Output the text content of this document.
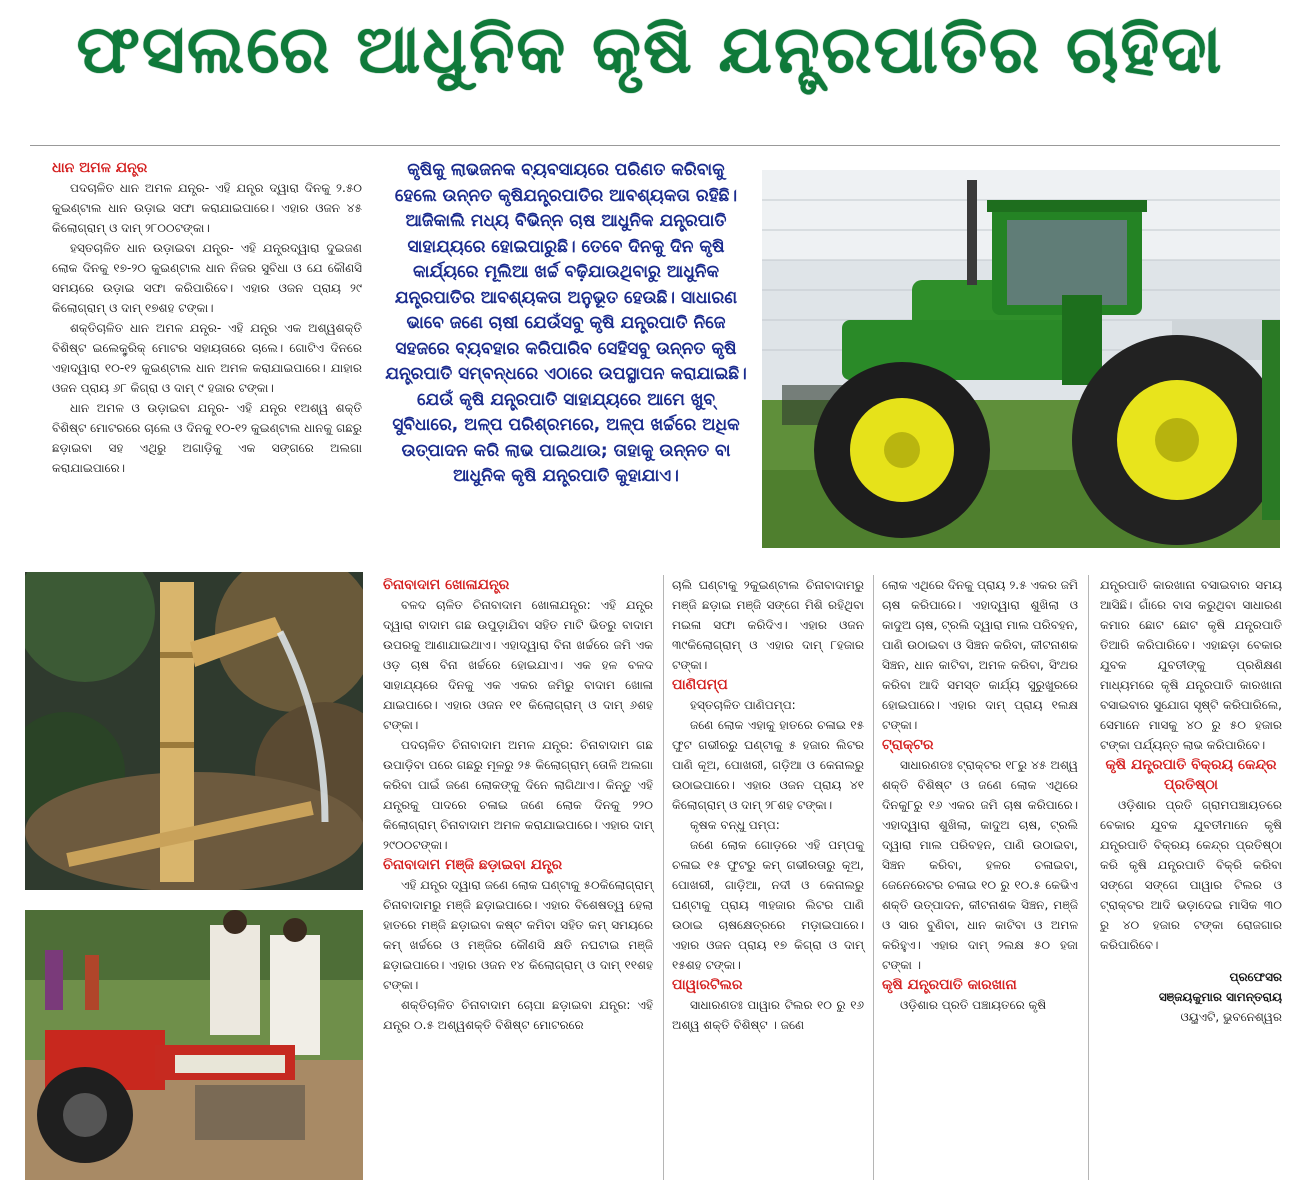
ଫସଲରେ ଆଧୁନିକ କୃଷି ଯନ୍ତ୍ରପାତିର ଚାହିଦା
ଧାନ ଅମଳ ଯନ୍ତ୍ର
ପଦଚାଳିତ ଧାନ ଅମଳ ଯନ୍ତ୍ର- ଏହି ଯନ୍ତ୍ର ଦ୍ୱାରା ଦିନକୁ ୨.୫୦ କୁଇଣ୍ଟାଲ ଧାନ ଉଡ଼ାଇ ସଫା କରାଯାଇପାରେ। ଏହାର ଓଜନ ୪୫ କିଲୋଗ୍ରାମ୍ ଓ ଦାମ୍ ୨୮୦୦ଟଙ୍କା।
ହସ୍ତଚାଳିତ ଧାନ ଉଡ଼ାଇବା ଯନ୍ତ୍ର- ଏହି ଯନ୍ତ୍ରଦ୍ୱାରା ଦୁଇଜଣ ଲୋକ ଦିନକୁ ୧୭-୨୦ କୁଇଣ୍ଟାଲ ଧାନ ନିଜର ସୁବିଧା ଓ ଯେ କୌଣସି ସମୟରେ ଉଡ଼ାଇ ସଫା କରିପାରିବେ। ଏହାର ଓଜନ ପ୍ରାୟ ୨୯ କିଲୋଗ୍ରାମ୍ ଓ ଦାମ୍ ୧୭ଶହ ଟଙ୍କା।
ଶକ୍ତିଚାଳିତ ଧାନ ଅମଳ ଯନ୍ତ୍ର- ଏହି ଯନ୍ତ୍ର ଏକ ଅଶ୍ୱଶକ୍ତି ବିଶିଷ୍ଟ ଇଲେକ୍ଟ୍ରିକ୍ ମୋଟର ସହାୟତାରେ ଚାଲେ। ଗୋଟିଏ ଦିନରେ ଏହାଦ୍ୱାରା ୧୦-୧୨ କୁଇଣ୍ଟାଲ ଧାନ ଅମଳ କରାଯାଇପାରେ। ଯାହାର ଓଜନ ପ୍ରାୟ ୬୮ କିଗ୍ରା ଓ ଦାମ୍ ୯ ହଜାର ଟଙ୍କା।
ଧାନ ଅମଳ ଓ ଉଡ଼ାଇବା ଯନ୍ତ୍ର- ଏହି ଯନ୍ତ୍ର ୧ଅଶ୍ୱ ଶକ୍ତି ବିଶିଷ୍ଟ ମୋଟରରେ ଚାଲେ ଓ ଦିନକୁ ୧୦-୧୨ କୁଇଣ୍ଟାଲ ଧାନକୁ ଗଛରୁ ଛଡ଼ାଇବା ସହ ଏଥିରୁ ଅଗାଡ଼ିକୁ ଏକ ସଙ୍ଗରେ ଅଲଗା କରାଯାଇପାରେ।
କୃଷିକୁ ଲାଭଜନକ ବ୍ୟବସାୟରେ ପରିଣତ କରିବାକୁ ହେଲେ ଉନ୍ନତ କୃଷିଯନ୍ତ୍ରପାତିର ଆବଶ୍ୟକତା ରହିଛି। ଆଜିକାଲି ମଧ୍ୟ ବିଭିନ୍ନ ଚାଷ ଆଧୁନିକ ଯନ୍ତ୍ରପାତି ସାହାଯ୍ୟରେ ହୋଇପାରୁଛି। ତେବେ ଦିନକୁ ଦିନ କୃଷି କାର୍ଯ୍ୟରେ ମୂଲିଆ ଖର୍ଚ୍ଚ ବଢ଼ିଯାଉଥିବାରୁ ଆଧୁନିକ ଯନ୍ତ୍ରପାତିର ଆବଶ୍ୟକତା ଅନୁଭୂତ ହେଉଛି। ସାଧାରଣ ଭାବେ ଜଣେ ଚାଷୀ ଯେଉଁସବୁ କୃଷି ଯନ୍ତ୍ରପାତି ନିଜେ ସହଜରେ ବ୍ୟବହାର କରିପାରିବ ସେହିସବୁ ଉନ୍ନତ କୃଷି ଯନ୍ତ୍ରପାତି ସମ୍ବନ୍ଧରେ ଏଠାରେ ଉପସ୍ଥାପନ କରାଯାଇଛି।
ଯେଉଁ କୃଷି ଯନ୍ତ୍ରପାତି ସାହାଯ୍ୟରେ ଆମେ ଖୁବ୍ ସୁବିଧାରେ, ଅଳ୍ପ ପରିଶ୍ରମରେ, ଅଳ୍ପ ଖର୍ଚ୍ଚରେ ଅଧିକ ଉତ୍ପାଦନ କରି ଲାଭ ପାଇଥାଉ; ତାହାକୁ ଉନ୍ନତ ବା ଆଧୁନିକ କୃଷି ଯନ୍ତ୍ରପାତି କୁହାଯାଏ।
ଚିନାବାଦାମ ଖୋଳାଯନ୍ତ୍ର
ବଳଦ ଚାଳିତ ଚିନାବାଦାମ ଖୋଳାଯନ୍ତ୍ର: ଏହି ଯନ୍ତ୍ର ଦ୍ୱାରା ବାଦାମ ଗଛ ଉପୁଡ଼ାଯିବା ସହିତ ମାଟି ଭିତରୁ ବାଦାମ ଉପରକୁ ଆଣାଯାଇଥାଏ। ଏହାଦ୍ୱାରା ବିନା ଖର୍ଚ୍ଚରେ ଜମି ଏକ ଓଡ଼ ଚାଷ ବିନା ଖର୍ଚ୍ଚରେ ହୋଇଯାଏ। ଏକ ହଳ ବଳଦ ସାହାଯ୍ୟରେ ଦିନକୁ ଏକ ଏକର ଜମିରୁ ବାଦାମ ଖୋଳା ଯାଇପାରେ। ଏହାର ଓଜନ ୧୧ କିଲୋଗ୍ରାମ୍ ଓ ଦାମ୍ ୬ଶହ ଟଙ୍କା।
ପଦଚାଳିତ ଚିନାବାଦାମ ଅମଳ ଯନ୍ତ୍ର: ଚିନାବାଦାମ ଗଛ ଉପାଡ଼ିବା ପରେ ଗଛରୁ ମୂଳରୁ ୨୫ କିଲୋଗ୍ରାମ୍ ତୋଳି ଅଲଗା କରିବା ପାଇଁ ଜଣେ ଲୋକଙ୍କୁ ଦିନେ ଲାଗିଥାଏ। କିନ୍ତୁ ଏହି ଯନ୍ତ୍ରକୁ ପାଦରେ ଚଳାଇ ଜଣେ ଲୋକ ଦିନକୁ ୨୨୦ କିଲୋଗ୍ରାମ୍ ଚିନାବାଦାମ ଅମଳ କରାଯାଇପାରେ। ଏହାର ଦାମ୍ ୨୯୦୦ଟଙ୍କା।
ଚିନାବାଦାମ ମଞ୍ଜି ଛଡ଼ାଇବା ଯନ୍ତ୍ର
ଏହି ଯନ୍ତ୍ର ଦ୍ୱାରା ଜଣେ ଲୋକ ଘଣ୍ଟାକୁ ୫୦କିଲୋଗ୍ରାମ୍ ଚିନାବାଦାମରୁ ମଞ୍ଜି ଛଡ଼ାଇପାରେ। ଏହାର ବିଶେଷତ୍ୱ ହେଲା ହାତରେ ମଞ୍ଜି ଛଡ଼ାଇବା କଷ୍ଟ କମିବା ସହିତ କମ୍ ସମୟରେ କମ୍ ଖର୍ଚ୍ଚରେ ଓ ମଞ୍ଜିର କୌଣସି କ୍ଷତି ନଘଟାଇ ମଞ୍ଜି ଛଡ଼ାଇପାରେ। ଏହାର ଓଜନ ୧୪ କିଲୋଗ୍ରାମ୍ ଓ ଦାମ୍ ୧୧ଶହ ଟଙ୍କା।
ଶକ୍ତିଚାଳିତ ଚିନାବାଦାମ ଚୋପା ଛଡ଼ାଇବା ଯନ୍ତ୍ର: ଏହି ଯନ୍ତ୍ର ୦.୫ ଅଶ୍ୱଶକ୍ତି ବିଶିଷ୍ଟ ମୋଟରରେ
ଚାଲି ଘଣ୍ଟାକୁ ୨କୁଇଣ୍ଟାଲ ଚିନାବାଦାମରୁ ମଞ୍ଜି ଛଡ଼ାଇ ମଞ୍ଜି ସଙ୍ଗେ ମିଶି ରହିଥିବା ମଇଳା ସଫା କରିଦିଏ। ଏହାର ଓଜନ ୩୯କିଲୋଗ୍ରାମ୍ ଓ ଏହାର ଦାମ୍ ୮ହଜାର ଟଙ୍କା।
ପାଣିପମ୍ପ
ହସ୍ତଚାଳିତ ପାଣିପମ୍ପ:
ଜଣେ ଲୋକ ଏହାକୁ ହାତରେ ଚଳାଇ ୧୫ ଫୁଟ ଗଭୀରରୁ ଘଣ୍ଟାକୁ ୫ ହଜାର ଲିଟର ପାଣି କୂଅ, ପୋଖରୀ, ଗଡ଼ିଆ ଓ କେନାଲରୁ ଉଠାଇପାରେ। ଏହାର ଓଜନ ପ୍ରାୟ ୪୧ କିଲୋଗ୍ରାମ୍ ଓ ଦାମ୍ ୨୮ଶହ ଟଙ୍କା।
କୃଷକ ବନ୍ଧୁ ପମ୍ପ:
ଜଣେ ଲୋକ ଗୋଡ଼ରେ ଏହି ପମ୍ପକୁ ଚଳାଇ ୧୫ ଫୁଟରୁ କମ୍ ଗଭୀରତାରୁ କୂଅ, ପୋଖରୀ, ଗାଡ଼ିଆ, ନଦୀ ଓ କେନାଲରୁ ଘଣ୍ଟାକୁ ପ୍ରାୟ ୩ହଜାର ଲିଟର ପାଣି ଉଠାଇ ଚାଷକ୍ଷେତ୍ରରେ ମଡ଼ାଇପାରେ। ଏହାର ଓଜନ ପ୍ରାୟ ୧୭ କିଗ୍ରା ଓ ଦାମ୍ ୧୫ଶହ ଟଙ୍କା।
ପାୱାରଟିଲର
ସାଧାରଣତଃ ପାୱାର ଟିଲର ୧୦ ରୁ ୧୬ ଅଶ୍ୱ ଶକ୍ତି ବିଶିଷ୍ଟ । ଜଣେ
ଲୋକ ଏଥିରେ ଦିନକୁ ପ୍ରାୟ ୨.୫ ଏକର ଜମି ଚାଷ କରିପାରେ। ଏହାଦ୍ୱାରା ଶୁଖିଲା ଓ କାଦୁଅ ଚାଷ, ଟ୍ରଲି ଦ୍ୱାରା ମାଲ ପରିବହନ, ପାଣି ଉଠାଇବା ଓ ସିଞ୍ଚନ କରିବା, କୀଟନାଶକ ସିଞ୍ଚନ, ଧାନ କାଟିବା, ଅମଳ କରିବା, ସିଂଥର କରିବା ଆଦି ସମସ୍ତ କାର୍ଯ୍ୟ ସୁରୁଖୁରରେ ହୋଇପାରେ। ଏହାର ଦାମ୍ ପ୍ରାୟ ୧ଲକ୍ଷ ଟଙ୍କା।
ଟ୍ରାକ୍ଟର
ସାଧାରଣତଃ ଟ୍ରାକ୍ଟର ୧୮ରୁ ୪୫ ଅଶ୍ୱ ଶକ୍ତି ବିଶିଷ୍ଟ ଓ ଜଣେ ଲୋକ ଏଥିରେ ଦିନକୁ୮ରୁ ୧୬ ଏକର ଜମି ଚାଷ କରିପାରେ। ଏହାଦ୍ୱାରା ଶୁଖିଲା, କାଦୁଅ ଚାଷ, ଟ୍ରଲି ଦ୍ୱାରା ମାଲ ପରିବହନ, ପାଣି ଉଠାଇବା, ସିଞ୍ଚନ କରିବା, ହଳର ଚଳାଇବା, ଜେନେରେଟର ଚଳାଇ ୧୦ ରୁ ୧୦.୫ କେଭିଏ ଶକ୍ତି ଉତ୍ପାଦନ, କୀଟନାଶକ ସିଞ୍ଚନ, ମଞ୍ଜି ଓ ସାର ବୁଣିବା, ଧାନ କାଟିବା ଓ ଅମଳ କରିହୁଏ। ଏହାର ଦାମ୍ ୨ଲକ୍ଷ ୫୦ ହଜା ଟଙ୍କା ।
କୃଷି ଯନ୍ତ୍ରପାତି କାରଖାନା
ଓଡ଼ିଶାର ପ୍ରତି ପଞ୍ଚାୟତରେ କୃଷି
ଯନ୍ତ୍ରପାତି କାରଖାନା ବସାଇବାର ସମୟ ଆସିଛି। ଗାଁରେ ବାସ କରୁଥିବା ସାଧାରଣ କମାର ଛୋଟ ଛୋଟ କୃଷି ଯନ୍ତ୍ରପାତି ତିଆରି କରିପାରିବେ। ଏହାଛଡ଼ା ବେକାର ଯୁବକ ଯୁବତୀଙ୍କୁ ପ୍ରଶିକ୍ଷଣ ମାଧ୍ୟମରେ କୃଷି ଯନ୍ତ୍ରପାତି କାରଖାନା ବସାଇବାର ସୁଯୋଗ ସୃଷ୍ଟି କରିପାରିଲେ, ସେମାନେ ମାସକୁ ୪୦ ରୁ ୫୦ ହଜାର ଟଙ୍କା ପର୍ଯ୍ୟନ୍ତ ଲାଭ କରିପାରିବେ।
କୃଷି ଯନ୍ତ୍ରପାତି ବିକ୍ରୟ କେନ୍ଦ୍ର ପ୍ରତିଷ୍ଠା
ଓଡ଼ିଶାର ପ୍ରତି ଗ୍ରାମପଞ୍ଚାୟତରେ ବେକାର ଯୁବକ ଯୁବତୀମାନେ କୃଷି ଯନ୍ତ୍ରପାତି ବିକ୍ରୟ କେନ୍ଦ୍ର ପ୍ରତିଷ୍ଠା କରି କୃଷି ଯନ୍ତ୍ରପାତି ବିକ୍ରି କରିବା ସଙ୍ଗେ ସଙ୍ଗେ ପାୱାର ଟିଲର ଓ ଟ୍ରାକ୍ଟର ଆଦି ଭଡ଼ାଦେଇ ମାସିକ ୩୦ ରୁ ୪୦ ହଜାର ଟଙ୍କା ରୋଜଗାର କରିପାରିବେ।
ପ୍ରଫେସର
ସଞ୍ଜୟକୁମାର ସାମନ୍ତରାୟ
ଓୟୁଏଟି, ଭୁବନେଶ୍ୱର
